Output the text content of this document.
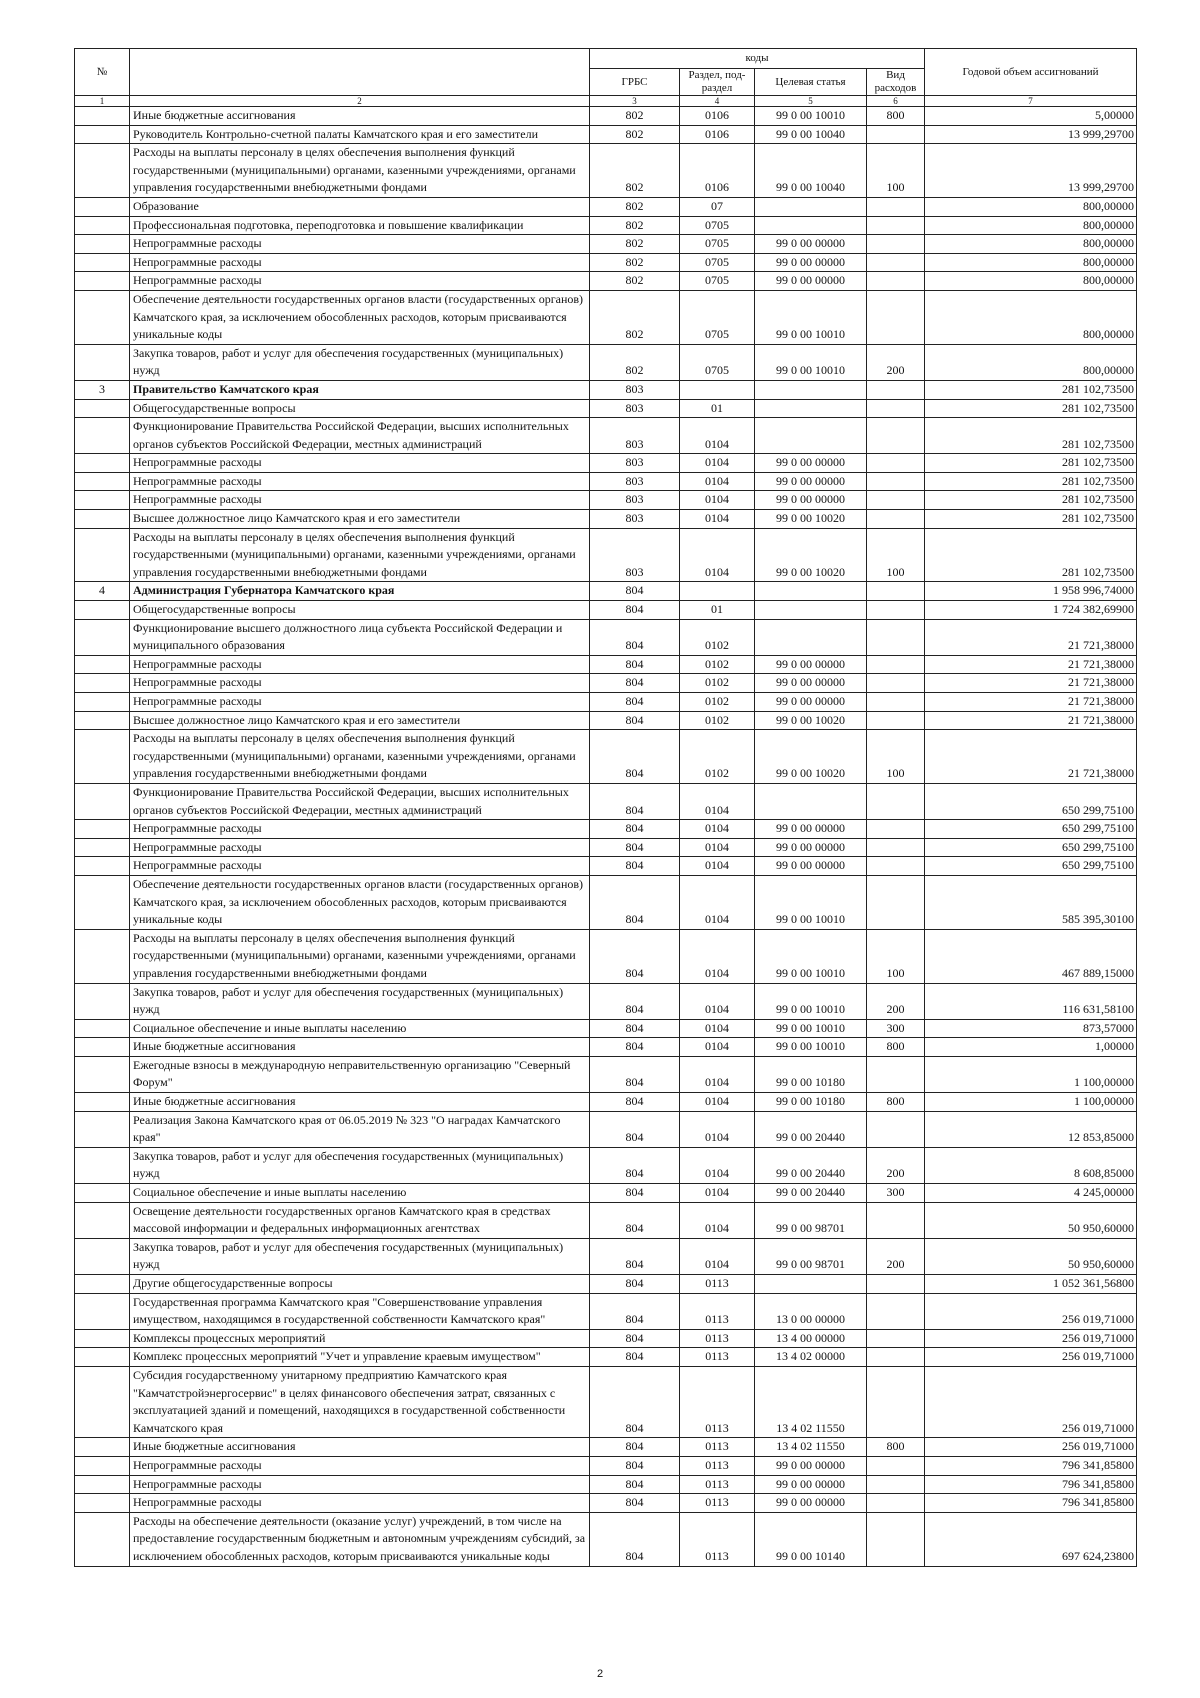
№		коды				Годовой объем ассигнований
		ГРБС	Раздел, под-раздел	Целевая статья	Вид расходов	
1	2	3	4	5	6	7
	Иные бюджетные ассигнования	802	0106	99 0 00 10010	800	5,00000
	Руководитель Контрольно-счетной палаты Камчатского края и его заместители	802	0106	99 0 00 10040		13 999,29700
	Расходы на выплаты персоналу в целях обеспечения выполнения функций государственными (муниципальными) органами, казенными учреждениями, органами управления государственными внебюджетными фондами	802	0106	99 0 00 10040	100	13 999,29700
	Образование	802	07			800,00000
	Профессиональная подготовка, переподготовка и повышение квалификации	802	0705			800,00000
	Непрограммные расходы	802	0705	99 0 00 00000		800,00000
	Непрограммные расходы	802	0705	99 0 00 00000		800,00000
	Непрограммные расходы	802	0705	99 0 00 00000		800,00000
	Обеспечение деятельности государственных органов власти (государственных органов) Камчатского края, за исключением обособленных расходов, которым присваиваются уникальные коды	802	0705	99 0 00 10010		800,00000
	Закупка товаров, работ и услуг для обеспечения государственных (муниципальных) нужд	802	0705	99 0 00 10010	200	800,00000
3	Правительство Камчатского края	803				281 102,73500
	Общегосударственные вопросы	803	01			281 102,73500
	Функционирование Правительства Российской Федерации, высших исполнительных органов субъектов Российской Федерации, местных администраций	803	0104			281 102,73500
	Непрограммные расходы	803	0104	99 0 00 00000		281 102,73500
	Непрограммные расходы	803	0104	99 0 00 00000		281 102,73500
	Непрограммные расходы	803	0104	99 0 00 00000		281 102,73500
	Высшее должностное лицо Камчатского края и его заместители	803	0104	99 0 00 10020		281 102,73500
	Расходы на выплаты персоналу в целях обеспечения выполнения функций государственными (муниципальными) органами, казенными учреждениями, органами управления государственными внебюджетными фондами	803	0104	99 0 00 10020	100	281 102,73500
4	Администрация Губернатора Камчатского края	804				1 958 996,74000
	Общегосударственные вопросы	804	01			1 724 382,69900
	Функционирование высшего должностного лица субъекта Российской Федерации и муниципального образования	804	0102			21 721,38000
	Непрограммные расходы	804	0102	99 0 00 00000		21 721,38000
	Непрограммные расходы	804	0102	99 0 00 00000		21 721,38000
	Непрограммные расходы	804	0102	99 0 00 00000		21 721,38000
	Высшее должностное лицо Камчатского края и его заместители	804	0102	99 0 00 10020		21 721,38000
	Расходы на выплаты персоналу в целях обеспечения выполнения функций государственными (муниципальными) органами, казенными учреждениями, органами управления государственными внебюджетными фондами	804	0102	99 0 00 10020	100	21 721,38000
	Функционирование Правительства Российской Федерации, высших исполнительных органов субъектов Российской Федерации, местных администраций	804	0104			650 299,75100
	Непрограммные расходы	804	0104	99 0 00 00000		650 299,75100
	Непрограммные расходы	804	0104	99 0 00 00000		650 299,75100
	Непрограммные расходы	804	0104	99 0 00 00000		650 299,75100
	Обеспечение деятельности государственных органов власти (государственных органов) Камчатского края, за исключением обособленных расходов, которым присваиваются уникальные коды	804	0104	99 0 00 10010		585 395,30100
	Расходы на выплаты персоналу в целях обеспечения выполнения функций государственными (муниципальными) органами, казенными учреждениями, органами управления государственными внебюджетными фондами	804	0104	99 0 00 10010	100	467 889,15000
	Закупка товаров, работ и услуг для обеспечения государственных (муниципальных) нужд	804	0104	99 0 00 10010	200	116 631,58100
	Социальное обеспечение и иные выплаты населению	804	0104	99 0 00 10010	300	873,57000
	Иные бюджетные ассигнования	804	0104	99 0 00 10010	800	1,00000
	Ежегодные взносы в международную неправительственную организацию "Северный Форум"	804	0104	99 0 00 10180		1 100,00000
	Иные бюджетные ассигнования	804	0104	99 0 00 10180	800	1 100,00000
	Реализация Закона Камчатского края от 06.05.2019 № 323 "О наградах Камчатского края"	804	0104	99 0 00 20440		12 853,85000
	Закупка товаров, работ и услуг для обеспечения государственных (муниципальных) нужд	804	0104	99 0 00 20440	200	8 608,85000
	Социальное обеспечение и иные выплаты населению	804	0104	99 0 00 20440	300	4 245,00000
	Освещение деятельности государственных органов Камчатского края в средствах массовой информации и федеральных информационных агентствах	804	0104	99 0 00 98701		50 950,60000
	Закупка товаров, работ и услуг для обеспечения государственных (муниципальных) нужд	804	0104	99 0 00 98701	200	50 950,60000
	Другие общегосударственные вопросы	804	0113			1 052 361,56800
	Государственная программа Камчатского края "Совершенствование управления имуществом, находящимся в государственной собственности Камчатского края"	804	0113	13 0 00 00000		256 019,71000
	Комплексы процессных мероприятий	804	0113	13 4 00 00000		256 019,71000
	Комплекс процессных мероприятий "Учет и управление краевым имуществом"	804	0113	13 4 02 00000		256 019,71000
	Субсидия государственному унитарному предприятию Камчатского края "Камчатстройэнергосервис" в целях финансового обеспечения затрат, связанных с эксплуатацией зданий и помещений, находящихся в государственной собственности Камчатского края	804	0113	13 4 02 11550		256 019,71000
	Иные бюджетные ассигнования	804	0113	13 4 02 11550	800	256 019,71000
	Непрограммные расходы	804	0113	99 0 00 00000		796 341,85800
	Непрограммные расходы	804	0113	99 0 00 00000		796 341,85800
	Непрограммные расходы	804	0113	99 0 00 00000		796 341,85800
	Расходы на обеспечение деятельности (оказание услуг) учреждений, в том числе на предоставление государственным бюджетным и автономным учреждениям субсидий, за исключением обособленных расходов, которым присваиваются уникальные коды	804	0113	99 0 00 10140		697 624,23800
2
